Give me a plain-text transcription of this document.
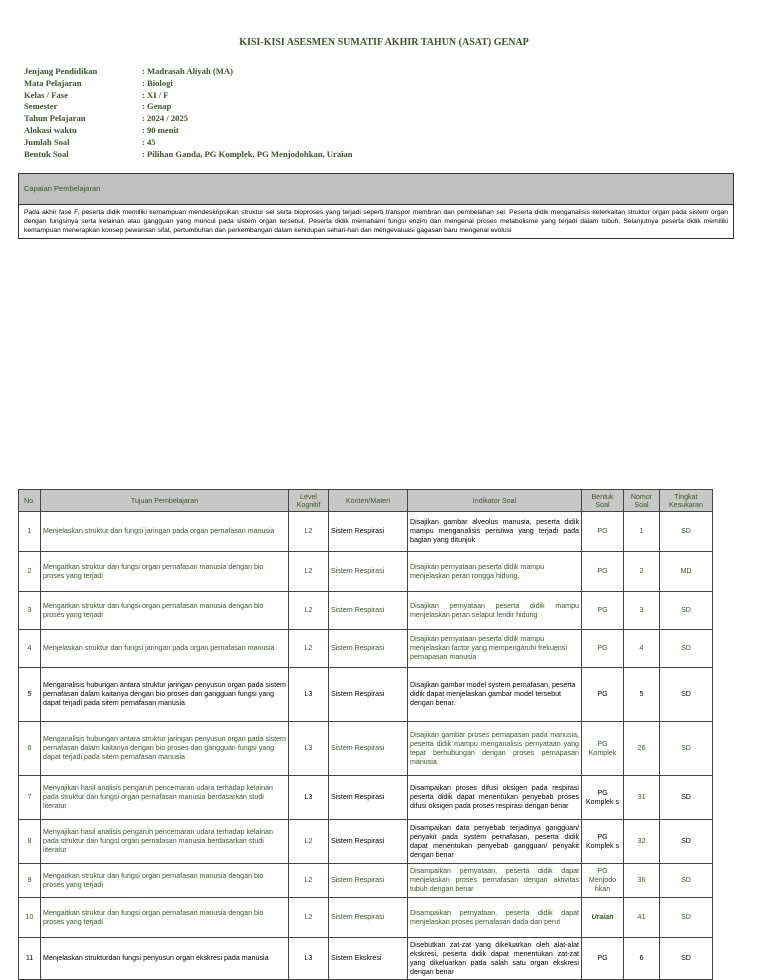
KISI-KISI ASESMEN SUMATIF AKHIR TAHUN (ASAT) GENAP
Jenjang Pendidikan	: Madrasah Aliyah (MA)
Mata Pelajaran	: Biologi
Kelas / Fase	: XI / F
Semester	: Genap
Tahun Pelajaran	: 2024 / 2025
Alokasi waktu	: 90 menit
Jumlah Soal	: 45
Bentuk Soal	: Pilihan Ganda, PG Komplek, PG Menjodohkan, Uraian
Capaian Pembelajaran
Pada akhir fase F, peserta didik memiliki kemampuan mendeskripsikan struktur sel serta bioproses yang terjadi seperti transpor membran dan pembelahan sel. Peserta didik menganalisis keterkaitan struktur organ pada sistem organ dengan fungsinya serta kelainan atau gangguan yang muncul pada sistem organ tersebut. Peserta didik memahami fungsi enzim dan mengenal proses metabolisme yang terjadi dalam tubuh. Selanjutnya peserta didik memiliki kemampuan menerapkan konsep pewarisan sifat, pertumbuhan dan perkembangan dalam kehidupan sehari-hari dan mengevaluasi gagasan baru mengenai evolusi
No.	Tujuan Pembelajaran	Level Kognitif	Konten/Materi	Indikator Soal	Bentuk Soal	Nomor Soal	Tingkat Kesukaran
1	Menjelaskan struktur dan fungsi jaringan pada organ pernafasan manusia	L2	Sistem Respirasi	Disajikan gambar alveolus manusia, peserta didik mampu menganalisis peristiwa yang terjadi pada bagian yang ditunjuk	PG	1	SD
2	Mengaitkan struktur dan fungsi organ pernafasan manusia dengan bio proses yang terjadi	L2	Sistem Respirasi	Disajikan pernyataan peserta didik mampu menjelaskan peran rongga hidung.	PG	2	MD
3	Mengaitkan struktur dan fungsi organ pernafasan manusia dengan bio proses yang terjadi	L2	Sistem Respirasi	Disajikan pernyataan peserta didik mampu menjelaskan peran selaput lendir hidung	PG	3	SD
4	Menjelaskan struktur dan fungsi jaringan pada organ pernafasan manusia	L2	Sistem Respirasi	Disajikan pernyataan peserta didik mampu menjelaskan factor yang mempengaruhi frekuensi pernapasan manusia	PG	4	SD
5	Menganalisis hubungan antara struktur jaringan penyusun organ pada sistem pernafasan dalam kaitanya dengan bio proses dan gangguan fungsi yang dapat terjadi pada sitem pernafasan manusia	L3	Sistem Respirasi	Disajikan gambar model system pernafasan, peserta didik dapat menjelaskan gambar model tersebut dengan benar.	PG	5	SD
6	Menganalisis hubungan antara struktur jaringan penyusun organ pada sistem pernafasan dalam kaitanya dengan bio proses dan gangguan fungsi yang dapat terjadi pada sitem pernafasan manusia	L3	Sistem Respirasi	Disajikan gambar proses pernapasan pada manusia, peserta didik mampu menganalisis pernyataan yang tepat berhubungan dengan proses pernapasan manusia	PG Komplek	26	SD
7	Menyajikan hasil analisis pengaruh pencemaran udara terhadap kelainan pada struktur dan fungsi organ pernafasan manusia berdasarkan studi literatur	L3	Sistem Respirasi	Disampaikan proses difusi oksigen pada respirasi peserta didik dapat menentukan penyebab proses difusi oksigen pada proses respirasi dengan benar	PG Komplek s	31	SD
8	Menyajikan hasil analisis pengaruh pencemaran udara terhadap kelainan pada struktur dan fungsi organ pernafasan manusia berdasarkan studi literatur	L2	Sistem Respirasi	Disampaikan data penyebab terjadinya gangguan/ penyakit pada system pernafasan, peserta didik dapat menentukan penyebab gangguan/ penyakit dengan benar	PG Komplek s	32	SD
9	Mengaitkan struktur dan fungsi organ pernafasan manusia dengan bio proses yang terjadi	L2	Sistem Respirasi	Disampaikan pernyataan, peserta didik dapat menjelaskan proses pernafasan dengan aktivitas tubuh dengan benar	PG Menjodo hkan	36	SD
10	Mengaitkan struktur dan fungsi organ pernafasan manusia dengan bio proses yang terjadi	L2	Sistem Respirasi	Disampaikan pernyataan, peserta didik dapat menjelaskan proses pernafasan dada dan perut	Uraian	41	SD
11	Menjelaskan strukturdan fungsi penyusun organ ekskresi pada manusia	L3	Sistem Ekskresi	Disebutkan zat-zat yang dikeluarkan oleh alat-alat ekskresi, peserta didik dapat menentukan zat-zat yang dikeluarkan pada salah satu organ ekskresi dengan benar	PG	6	SD
